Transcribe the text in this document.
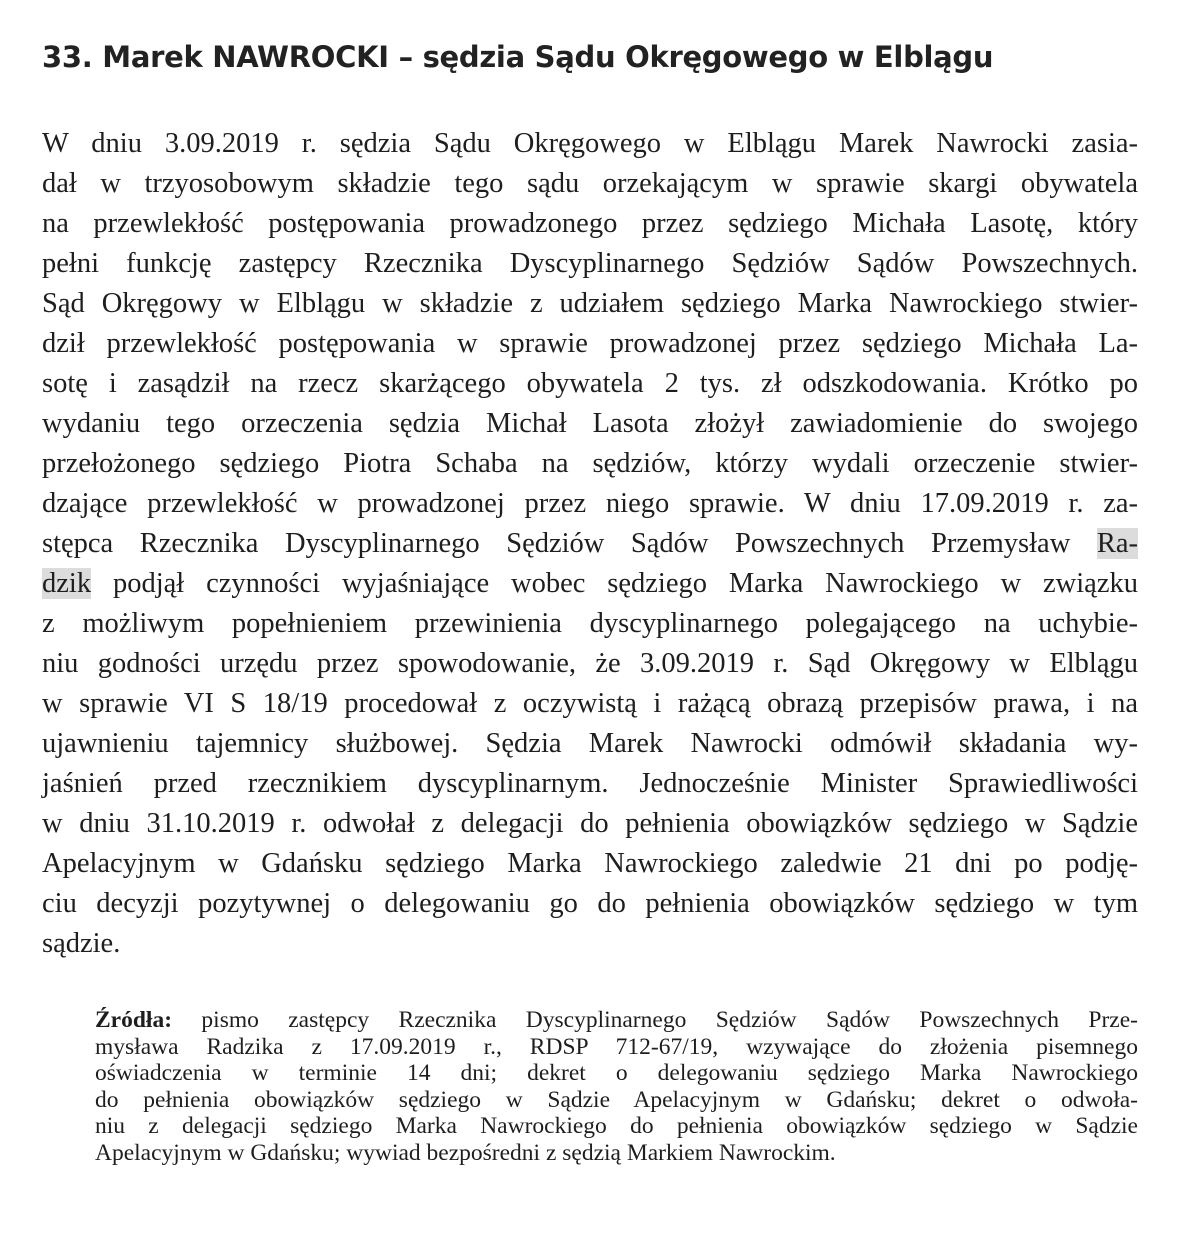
33. Marek NAWROCKI – sędzia Sądu Okręgowego w Elblągu
W dniu 3.09.2019 r. sędzia Sądu Okręgowego w Elblągu Marek Nawrocki zasia-
dał w trzyosobowym składzie tego sądu orzekającym w sprawie skargi obywatela
na przewlekłość postępowania prowadzonego przez sędziego Michała Lasotę, który
pełni funkcję zastępcy Rzecznika Dyscyplinarnego Sędziów Sądów Powszechnych.
Sąd Okręgowy w Elblągu w składzie z udziałem sędziego Marka Nawrockiego stwier-
dził przewlekłość postępowania w sprawie prowadzonej przez sędziego Michała La-
sotę i zasądził na rzecz skarżącego obywatela 2 tys. zł odszkodowania. Krótko po
wydaniu tego orzeczenia sędzia Michał Lasota złożył zawiadomienie do swojego
przełożonego sędziego Piotra Schaba na sędziów, którzy wydali orzeczenie stwier-
dzające przewlekłość w prowadzonej przez niego sprawie. W dniu 17.09.2019 r. za-
stępca Rzecznika Dyscyplinarnego Sędziów Sądów Powszechnych Przemysław Ra-
dzik podjął czynności wyjaśniające wobec sędziego Marka Nawrockiego w związku
z możliwym popełnieniem przewinienia dyscyplinarnego polegającego na uchybie-
niu godności urzędu przez spowodowanie, że 3.09.2019 r. Sąd Okręgowy w Elblągu
w sprawie VI S 18/19 procedował z oczywistą i rażącą obrazą przepisów prawa, i na
ujawnieniu tajemnicy służbowej. Sędzia Marek Nawrocki odmówił składania wy-
jaśnień przed rzecznikiem dyscyplinarnym. Jednocześnie Minister Sprawiedliwości
w dniu 31.10.2019 r. odwołał z delegacji do pełnienia obowiązków sędziego w Sądzie
Apelacyjnym w Gdańsku sędziego Marka Nawrockiego zaledwie 21 dni po podję-
ciu decyzji pozytywnej o delegowaniu go do pełnienia obowiązków sędziego w tym
sądzie.
Źródła: pismo zastępcy Rzecznika Dyscyplinarnego Sędziów Sądów Powszechnych Prze-
mysława Radzika z 17.09.2019 r., RDSP 712-67/19, wzywające do złożenia pisemnego
oświadczenia w terminie 14 dni; dekret o delegowaniu sędziego Marka Nawrockiego
do pełnienia obowiązków sędziego w Sądzie Apelacyjnym w Gdańsku; dekret o odwoła-
niu z delegacji sędziego Marka Nawrockiego do pełnienia obowiązków sędziego w Sądzie
Apelacyjnym w Gdańsku; wywiad bezpośredni z sędzią Markiem Nawrockim.
